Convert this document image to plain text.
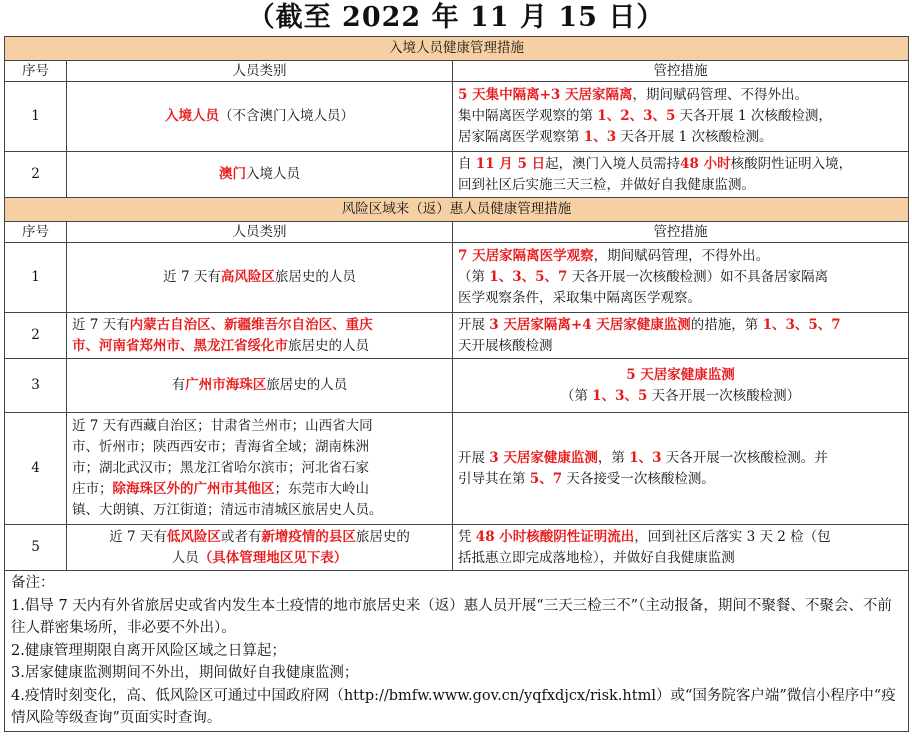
（截至 2022 年 11 月 15 日）
入境人员健康管理措施		
序号	人员类别	管控措施
1	入境人员（不含澳门入境人员）	5 天集中隔离+3 天居家隔离，期间赋码管理、不得外出。
集中隔离医学观察的第 1、2、3、5 天各开展 1 次核酸检测，
居家隔离医学观察第 1、3 天各开展 1 次核酸检测。

2	澳门入境人员	自 11 月 5 日起，澳门入境人员需持48 小时核酸阴性证明入境，
回到社区后实施三天三检，并做好自我健康监测。

风险区域来（返）惠人员健康管理措施		
序号	人员类别	管控措施
1	近 7 天有高风险区旅居史的人员	7 天居家隔离医学观察，期间赋码管理，不得外出。
（第 1、3、5、7 天各开展一次核酸检测）如不具备居家隔离
医学观察条件，采取集中隔离医学观察。

2	近 7 天有内蒙古自治区、新疆维吾尔自治区、重庆
市、河南省郑州市、黑龙江省绥化市旅居史的人员	开展 3 天居家隔离+4 天居家健康监测的措施，第 1、3、5、7
天开展核酸检测

3	有广州市海珠区旅居史的人员	5 天居家健康监测
（第 1、3、5 天各开展一次核酸检测）

4	近 7 天有西藏自治区；甘肃省兰州市；山西省大同
市、忻州市；陕西西安市；青海省全域；湖南株洲
市；湖北武汉市；黑龙江省哈尔滨市；河北省石家
庄市；除海珠区外的广州市其他区；东莞市大岭山
镇、大朗镇、万江街道；清远市清城区旅居史人员。	开展 3 天居家健康监测，第 1、3 天各开展一次核酸检测。并
引导其在第 5、7 天各接受一次核酸检测。

5	近 7 天有低风险区或者有新增疫情的县区旅居史的
人员（具体管理地区见下表）	凭 48 小时核酸阴性证明流出，回到社区后落实 3 天 2 检（包
括抵惠立即完成落地检），并做好自我健康监测

备注：
1.倡导 7 天内有外省旅居史或省内发生本土疫情的地市旅居史来（返）惠人员开展“三天三检三不”（主动报备，期间不聚餐、不聚会、不前往人群密集场所，非必要不外出）。
2.健康管理期限自离开风险区域之日算起；
3.居家健康监测期间不外出，期间做好自我健康监测；
4.疫情时刻变化，高、低风险区可通过中国政府网（http://bmfw.www.gov.cn/yqfxdjcx/risk.html）或“国务院客户端”微信小程序中“疫情风险等级查询”页面实时查询。		
